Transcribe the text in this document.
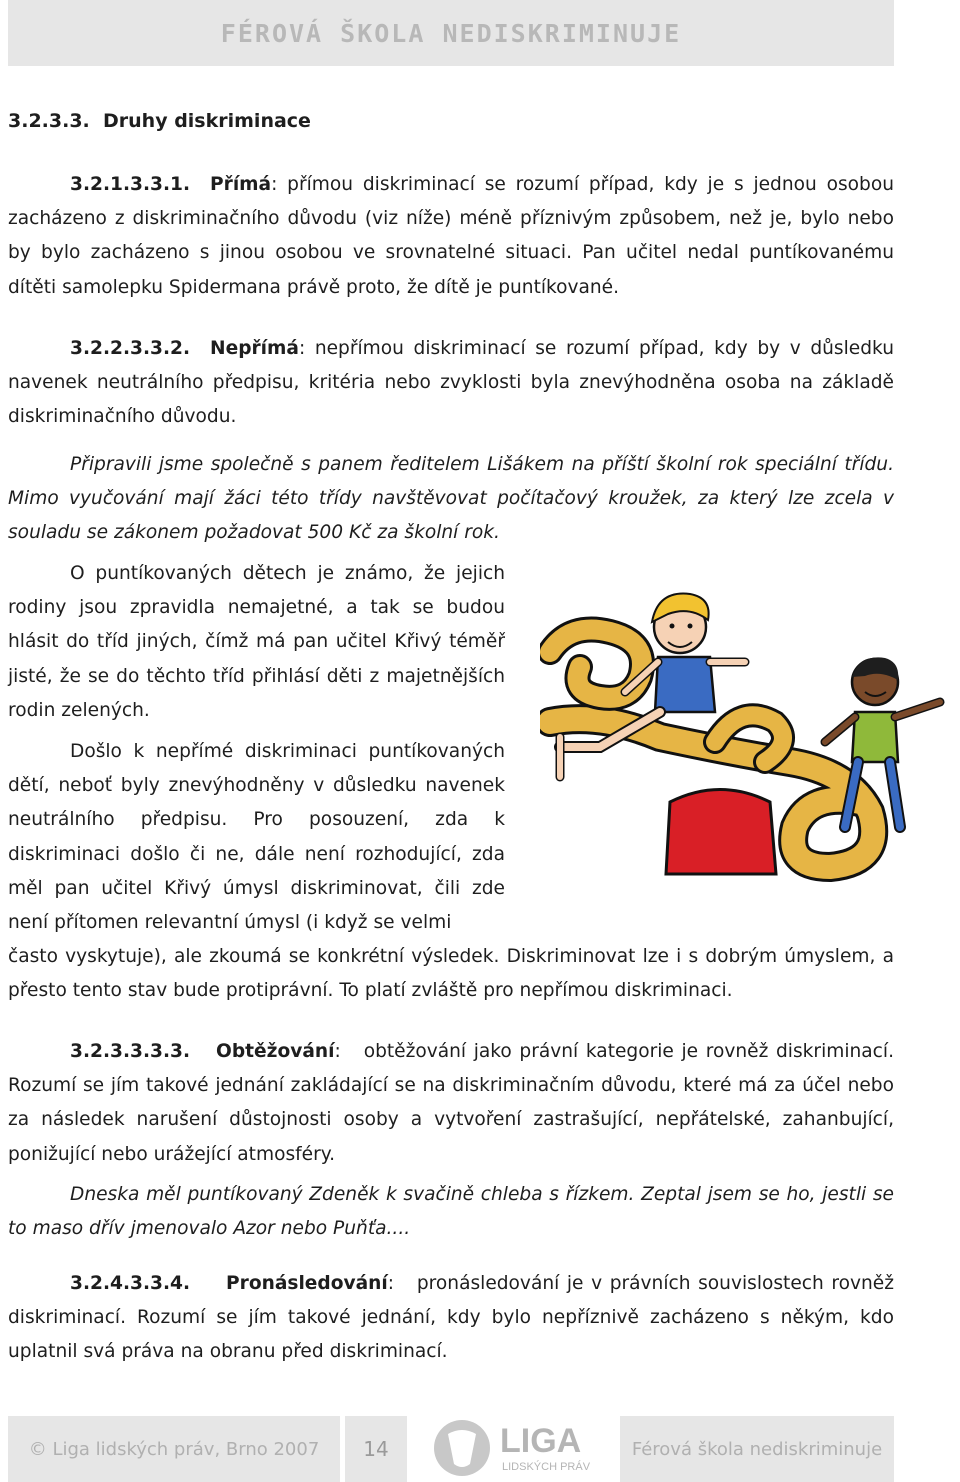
FÉROVÁ ŠKOLA NEDISKRIMINUJE
3.2.3.3. Druhy diskriminace
3.2.1.3.3.1. Přímá: přímou diskriminací se rozumí případ, kdy je s jednou osobou zacházeno z diskriminačního důvodu (viz níže) méně příznivým způsobem, než je, bylo nebo by bylo zacházeno s jinou osobou ve srovnatelné situaci. Pan učitel nedal puntíkovanému dítěti samolepku Spidermana právě proto, že dítě je puntíkované.
3.2.2.3.3.2. Nepřímá: nepřímou diskriminací se rozumí případ, kdy by v důsledku navenek neutrálního předpisu, kritéria nebo zvyklosti byla znevýhodněna osoba na základě diskriminačního důvodu.
Připravili jsme společně s panem ředitelem Lišákem na příští školní rok speciální třídu. Mimo vyučování mají žáci této třídy navštěvovat počítačový kroužek, za který lze zcela v souladu se zákonem požadovat 500 Kč za školní rok.
O puntíkovaných dětech je známo, že jejich rodiny jsou zpravidla nemajetné, a tak se budou hlásit do tříd jiných, čímž má pan učitel Křivý téměř jisté, že se do těchto tříd přihlásí děti z majetnějších rodin zelených.
Došlo k nepřímé diskriminaci puntíkovaných dětí, neboť byly znevýhodněny v důsledku navenek neutrálního předpisu. Pro posouzení, zda k diskriminaci došlo či ne, dále není rozhodující, zda měl pan učitel Křivý úmysl diskriminovat, čili zde není přítomen relevantní úmysl (i když se velmi
často vyskytuje), ale zkoumá se konkrétní výsledek. Diskriminovat lze i s dobrým úmyslem, a přesto tento stav bude protiprávní. To platí zvláště pro nepřímou diskriminaci.
3.2.3.3.3.3. Obtěžování:   obtěžování jako právní kategorie je rovněž diskriminací. Rozumí se jím takové jednání zakládající se na diskriminačním důvodu, které má za účel nebo za následek narušení důstojnosti osoby a vytvoření zastrašující, nepřátelské, zahanbující, ponižující nebo urážející atmosféry.
Dneska měl puntíkovaný Zdeněk k svačině chleba s řízkem. Zeptal jsem se ho, jestli se to maso dřív jmenovalo Azor nebo Puňťa....
3.2.4.3.3.4. Pronásledování:   pronásledování je v právních souvislostech rovněž diskriminací. Rozumí se jím takové jednání, kdy bylo nepříznivě zacházeno s někým, kdo uplatnil svá práva na obranu před diskriminací.
© Liga lidských práv, Brno 2007 14	LIGA
LIDSKÝCH PRÁV
Férová škola nediskriminuje
